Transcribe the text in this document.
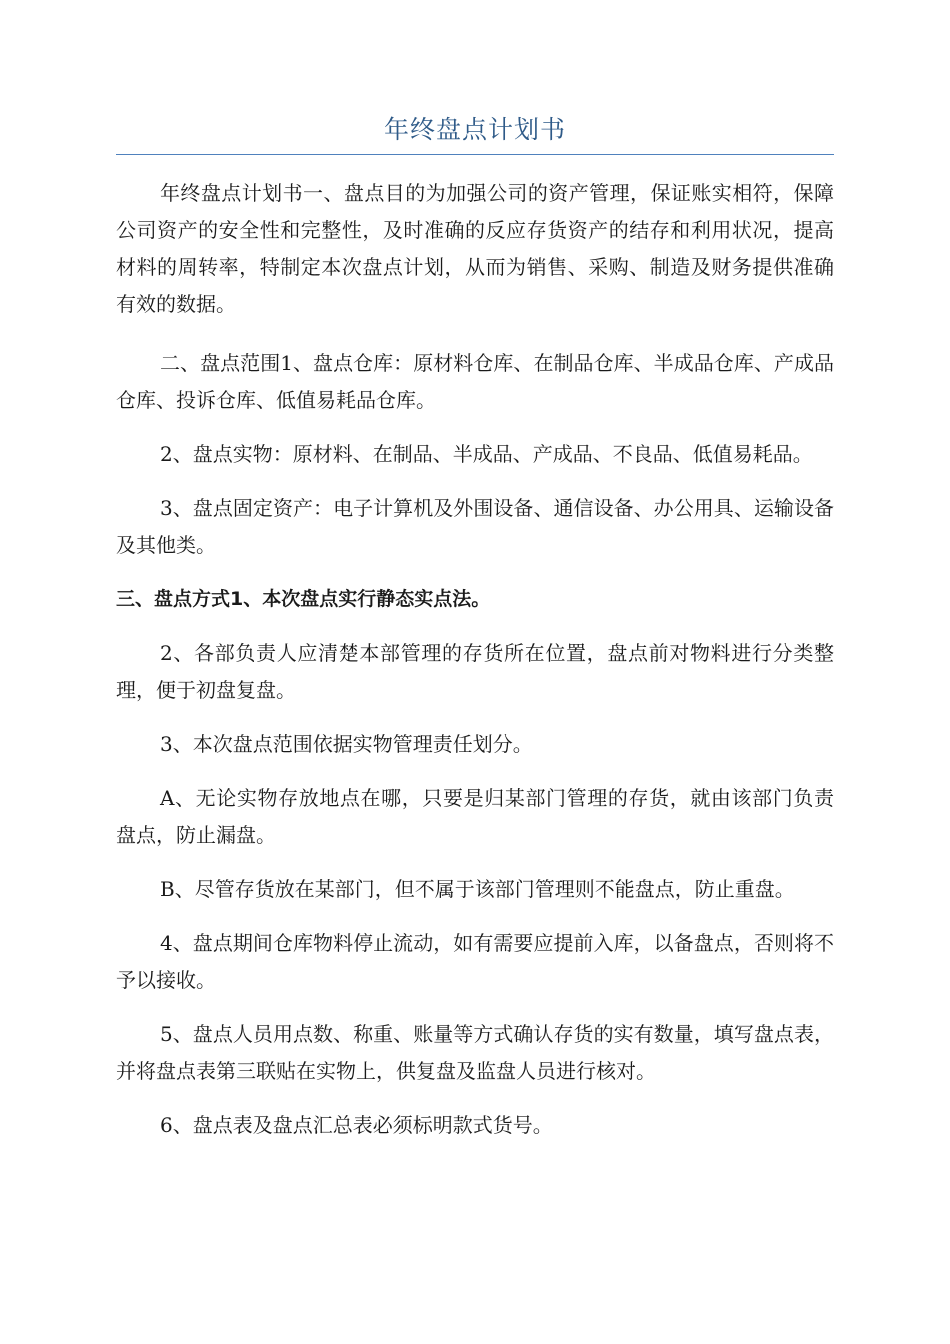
年终盘点计划书

年终盘点计划书一、盘点目的为加强公司的资产管理，保证账实相符，保障公司资产的安全性和完整性，及时准确的反应存货资产的结存和利用状况，提高材料的周转率，特制定本次盘点计划，从而为销售、采购、制造及财务提供准确有效的数据。

二、盘点范围1、盘点仓库：原材料仓库、在制品仓库、半成品仓库、产成品仓库、投诉仓库、低值易耗品仓库。

2、盘点实物：原材料、在制品、半成品、产成品、不良品、低值易耗品。

3、盘点固定资产：电子计算机及外围设备、通信设备、办公用具、运输设备及其他类。

三、盘点方式1、本次盘点实行静态实点法。

2、各部负责人应清楚本部管理的存货所在位置，盘点前对物料进行分类整理，便于初盘复盘。

3、本次盘点范围依据实物管理责任划分。

A、无论实物存放地点在哪，只要是归某部门管理的存货，就由该部门负责盘点，防止漏盘。

B、尽管存货放在某部门，但不属于该部门管理则不能盘点，防止重盘。

4、盘点期间仓库物料停止流动，如有需要应提前入库，以备盘点，否则将不予以接收。

5、盘点人员用点数、称重、账量等方式确认存货的实有数量，填写盘点表，并将盘点表第三联贴在实物上，供复盘及监盘人员进行核对。

6、盘点表及盘点汇总表必须标明款式货号。
